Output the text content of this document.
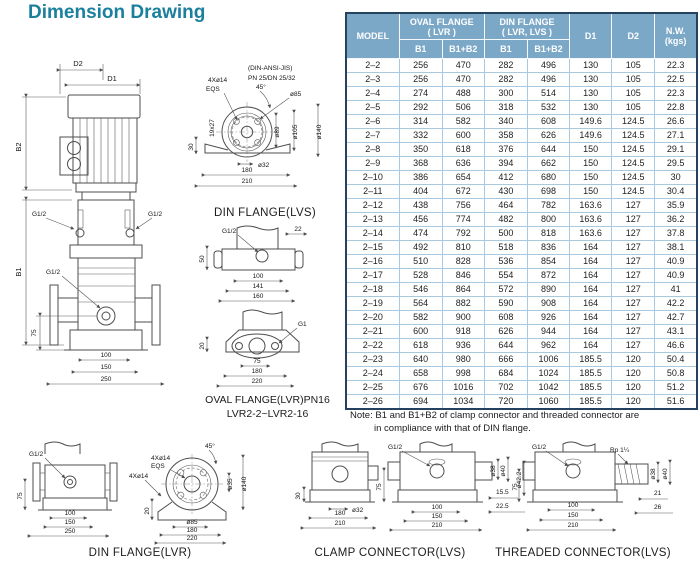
Dimension Drawing
D2
D1
B2
G1/2	G1/2
B1	G1/2
75
100
150
250
(DIN-ANSI-JIS)
PN 25/DN 25/32
4Xø14
EQS	45°
ø85
19x27
30
ø89 ø105	ø140
ø32
180
210
DIN FLANGE(LVS)
G1/2	22
50
100
141
160
G1
20
75
180
220
OVAL FLANGE(LVR)PN16
LVR2-2~LVR2-16
MODEL	
OVAL FLANGE
( LVR )

DIN FLANGE
( LVR, LVS )	D1	D2	N.W.
(kgs)

	B1	B1+B2	B1	B1+B2			
2–2	256	470	282	496	130	105	22.3
2–3	256	470	282	496	130	105	22.5
2–4	274	488	300	514	130	105	22.3
2–5	292	506	318	532	130	105	22.8
2–6	314	582	340	608	149.6	124.5	26.6
2–7	332	600	358	626	149.6	124.5	27.1
2–8	350	618	376	644	150	124.5	29.1
2–9	368	636	394	662	150	124.5	29.5
2–10	386	654	412	680	150	124.5	30
2–11	404	672	430	698	150	124.5	30.4
2–12	438	756	464	782	163.6	127	35.9
2–13	456	774	482	800	163.6	127	36.2
2–14	474	792	500	818	163.6	127	37.8
2–15	492	810	518	836	164	127	38.1
2–16	510	828	536	854	164	127	40.9
2–17	528	846	554	872	164	127	40.9
2–18	546	864	572	890	164	127	41
2–19	564	882	590	908	164	127	42.2
2–20	582	900	608	926	164	127	42.7
2–21	600	918	626	944	164	127	43.1
2–22	618	936	644	962	164	127	46.6
2–23	640	980	666	1006	185.5	120	50.4
2–24	658	998	684	1024	185.5	120	50.8
2–25	676	1016	702	1042	185.5	120	51.2
2–26	694	1034	720	1060	185.5	120	51.6
Note: B1 and B1+B2 of clamp connector and threaded connector are
in compliance with that of DIN flange.
G1/2
75
100
150
250
45°
4Xø14
EQS
4Xø14
20
ø35 ø140
ø85
180
220
DIN FLANGE(LVR)
30
ø32
180
210
G1/2
75
100
150
210
ø38 ø40
15.5
ø42.2
22.5
CLAMP CONNECTOR(LVS)
G1/2	Rp 1¼
75
ø38 ø40
21
26
100
150
210
THREADED CONNECTOR(LVS)
